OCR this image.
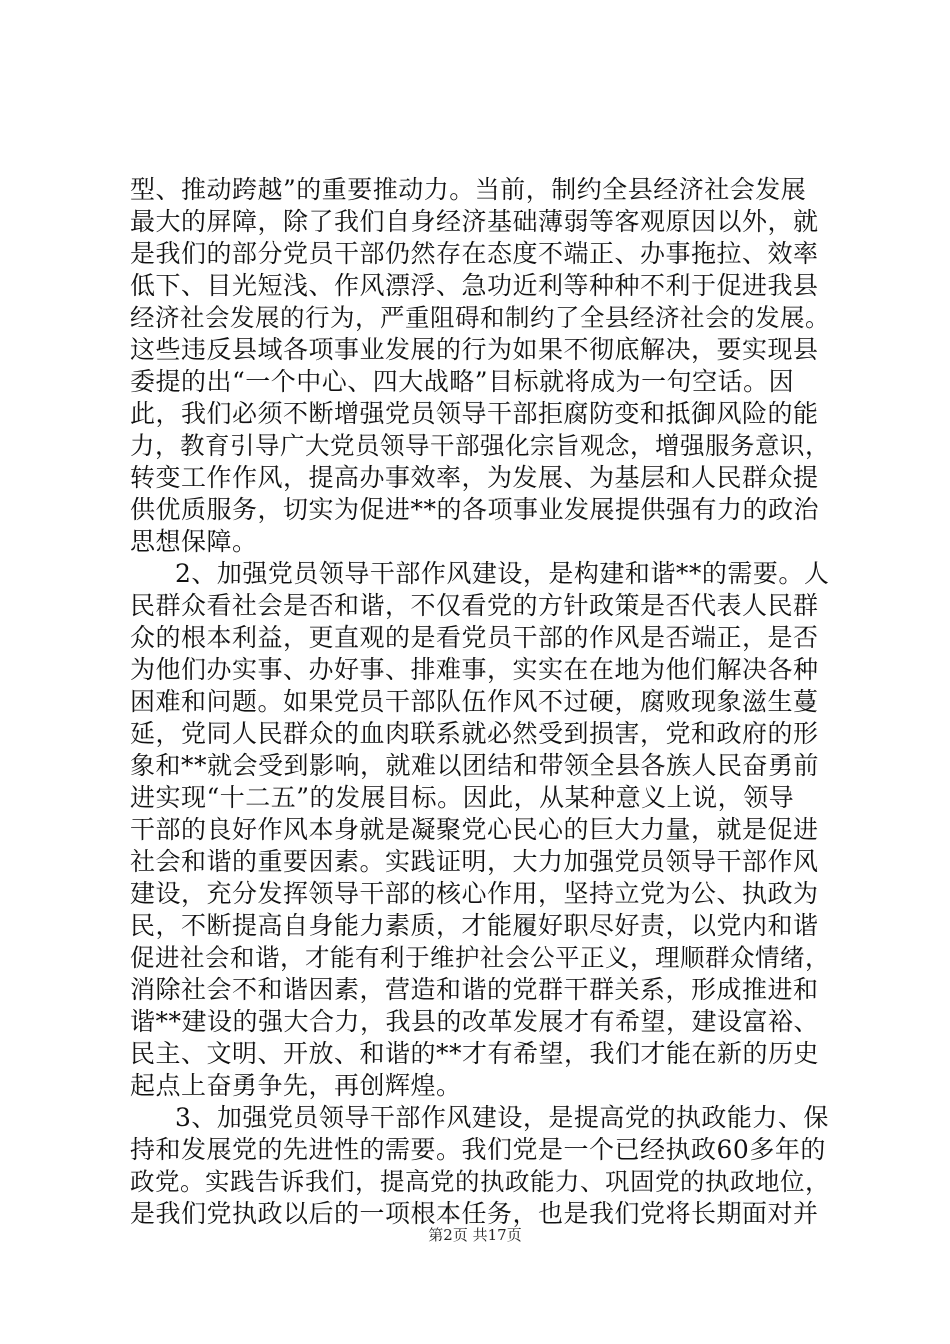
型、推动跨越”的重要推动力。当前，制约全县经济社会发展
最大的屏障，除了我们自身经济基础薄弱等客观原因以外，就
是我们的部分党员干部仍然存在态度不端正、办事拖拉、效率
低下、目光短浅、作风漂浮、急功近利等种种不利于促进我县
经济社会发展的行为，严重阻碍和制约了全县经济社会的发展。
这些违反县域各项事业发展的行为如果不彻底解决，要实现县
委提的出“一个中心、四大战略”目标就将成为一句空话。因
此，我们必须不断增强党员领导干部拒腐防变和抵御风险的能
力，教育引导广大党员领导干部强化宗旨观念，增强服务意识，
转变工作作风，提高办事效率，为发展、为基层和人民群众提
供优质服务，切实为促进**的各项事业发展提供强有力的政治
思想保障。
2、加强党员领导干部作风建设，是构建和谐**的需要。人
民群众看社会是否和谐，不仅看党的方针政策是否代表人民群
众的根本利益，更直观的是看党员干部的作风是否端正，是否
为他们办实事、办好事、排难事，实实在在地为他们解决各种
困难和问题。如果党员干部队伍作风不过硬，腐败现象滋生蔓
延，党同人民群众的血肉联系就必然受到损害，党和政府的形
象和**就会受到影响，就难以团结和带领全县各族人民奋勇前
进实现“十二五”的发展目标。因此，从某种意义上说，领导
干部的良好作风本身就是凝聚党心民心的巨大力量，就是促进
社会和谐的重要因素。实践证明，大力加强党员领导干部作风
建设，充分发挥领导干部的核心作用，坚持立党为公、执政为
民，不断提高自身能力素质，才能履好职尽好责，以党内和谐
促进社会和谐，才能有利于维护社会公平正义，理顺群众情绪，
消除社会不和谐因素，营造和谐的党群干群关系，形成推进和
谐**建设的强大合力，我县的改革发展才有希望，建设富裕、
民主、文明、开放、和谐的**才有希望，我们才能在新的历史
起点上奋勇争先，再创辉煌。
3、加强党员领导干部作风建设，是提高党的执政能力、保
持和发展党的先进性的需要。我们党是一个已经执政60多年的
政党。实践告诉我们，提高党的执政能力、巩固党的执政地位，
是我们党执政以后的一项根本任务，也是我们党将长期面对并
第2页 共17页
